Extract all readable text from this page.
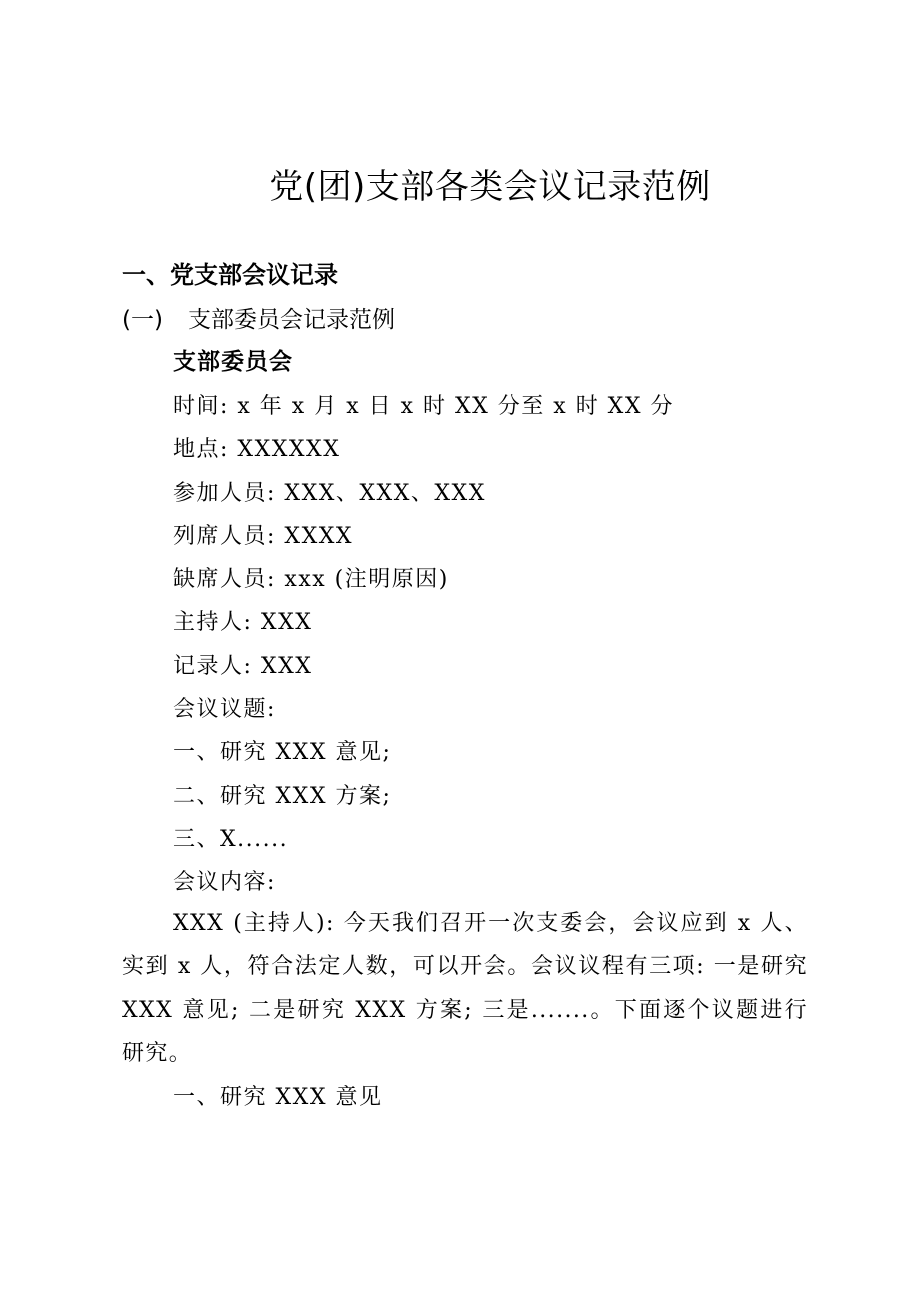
党(团)支部各类会议记录范例
一、党支部会议记录
(一) 支部委员会记录范例
支部委员会
时间: x 年 x 月 x 日 x 时 XX 分至 x 时 XX 分
地点: XXXXXX
参加人员: XXX、XXX、XXX
列席人员: XXXX
缺席人员: xxx (注明原因)
主持人: XXX
记录人: XXX
会议议题:
一、研究 XXX 意见;
二、研究 XXX 方案;
三、X......
会议内容:

XXX (主持人): 今天我们召开一次支委会，会议应到 x 人、实到 x 人，符合法定人数，可以开会。会议议程有三项: 一是研究 XXX 意见; 二是研究 XXX 方案; 三是.......。下面逐个议题进行研究。

一、研究 XXX 意见
